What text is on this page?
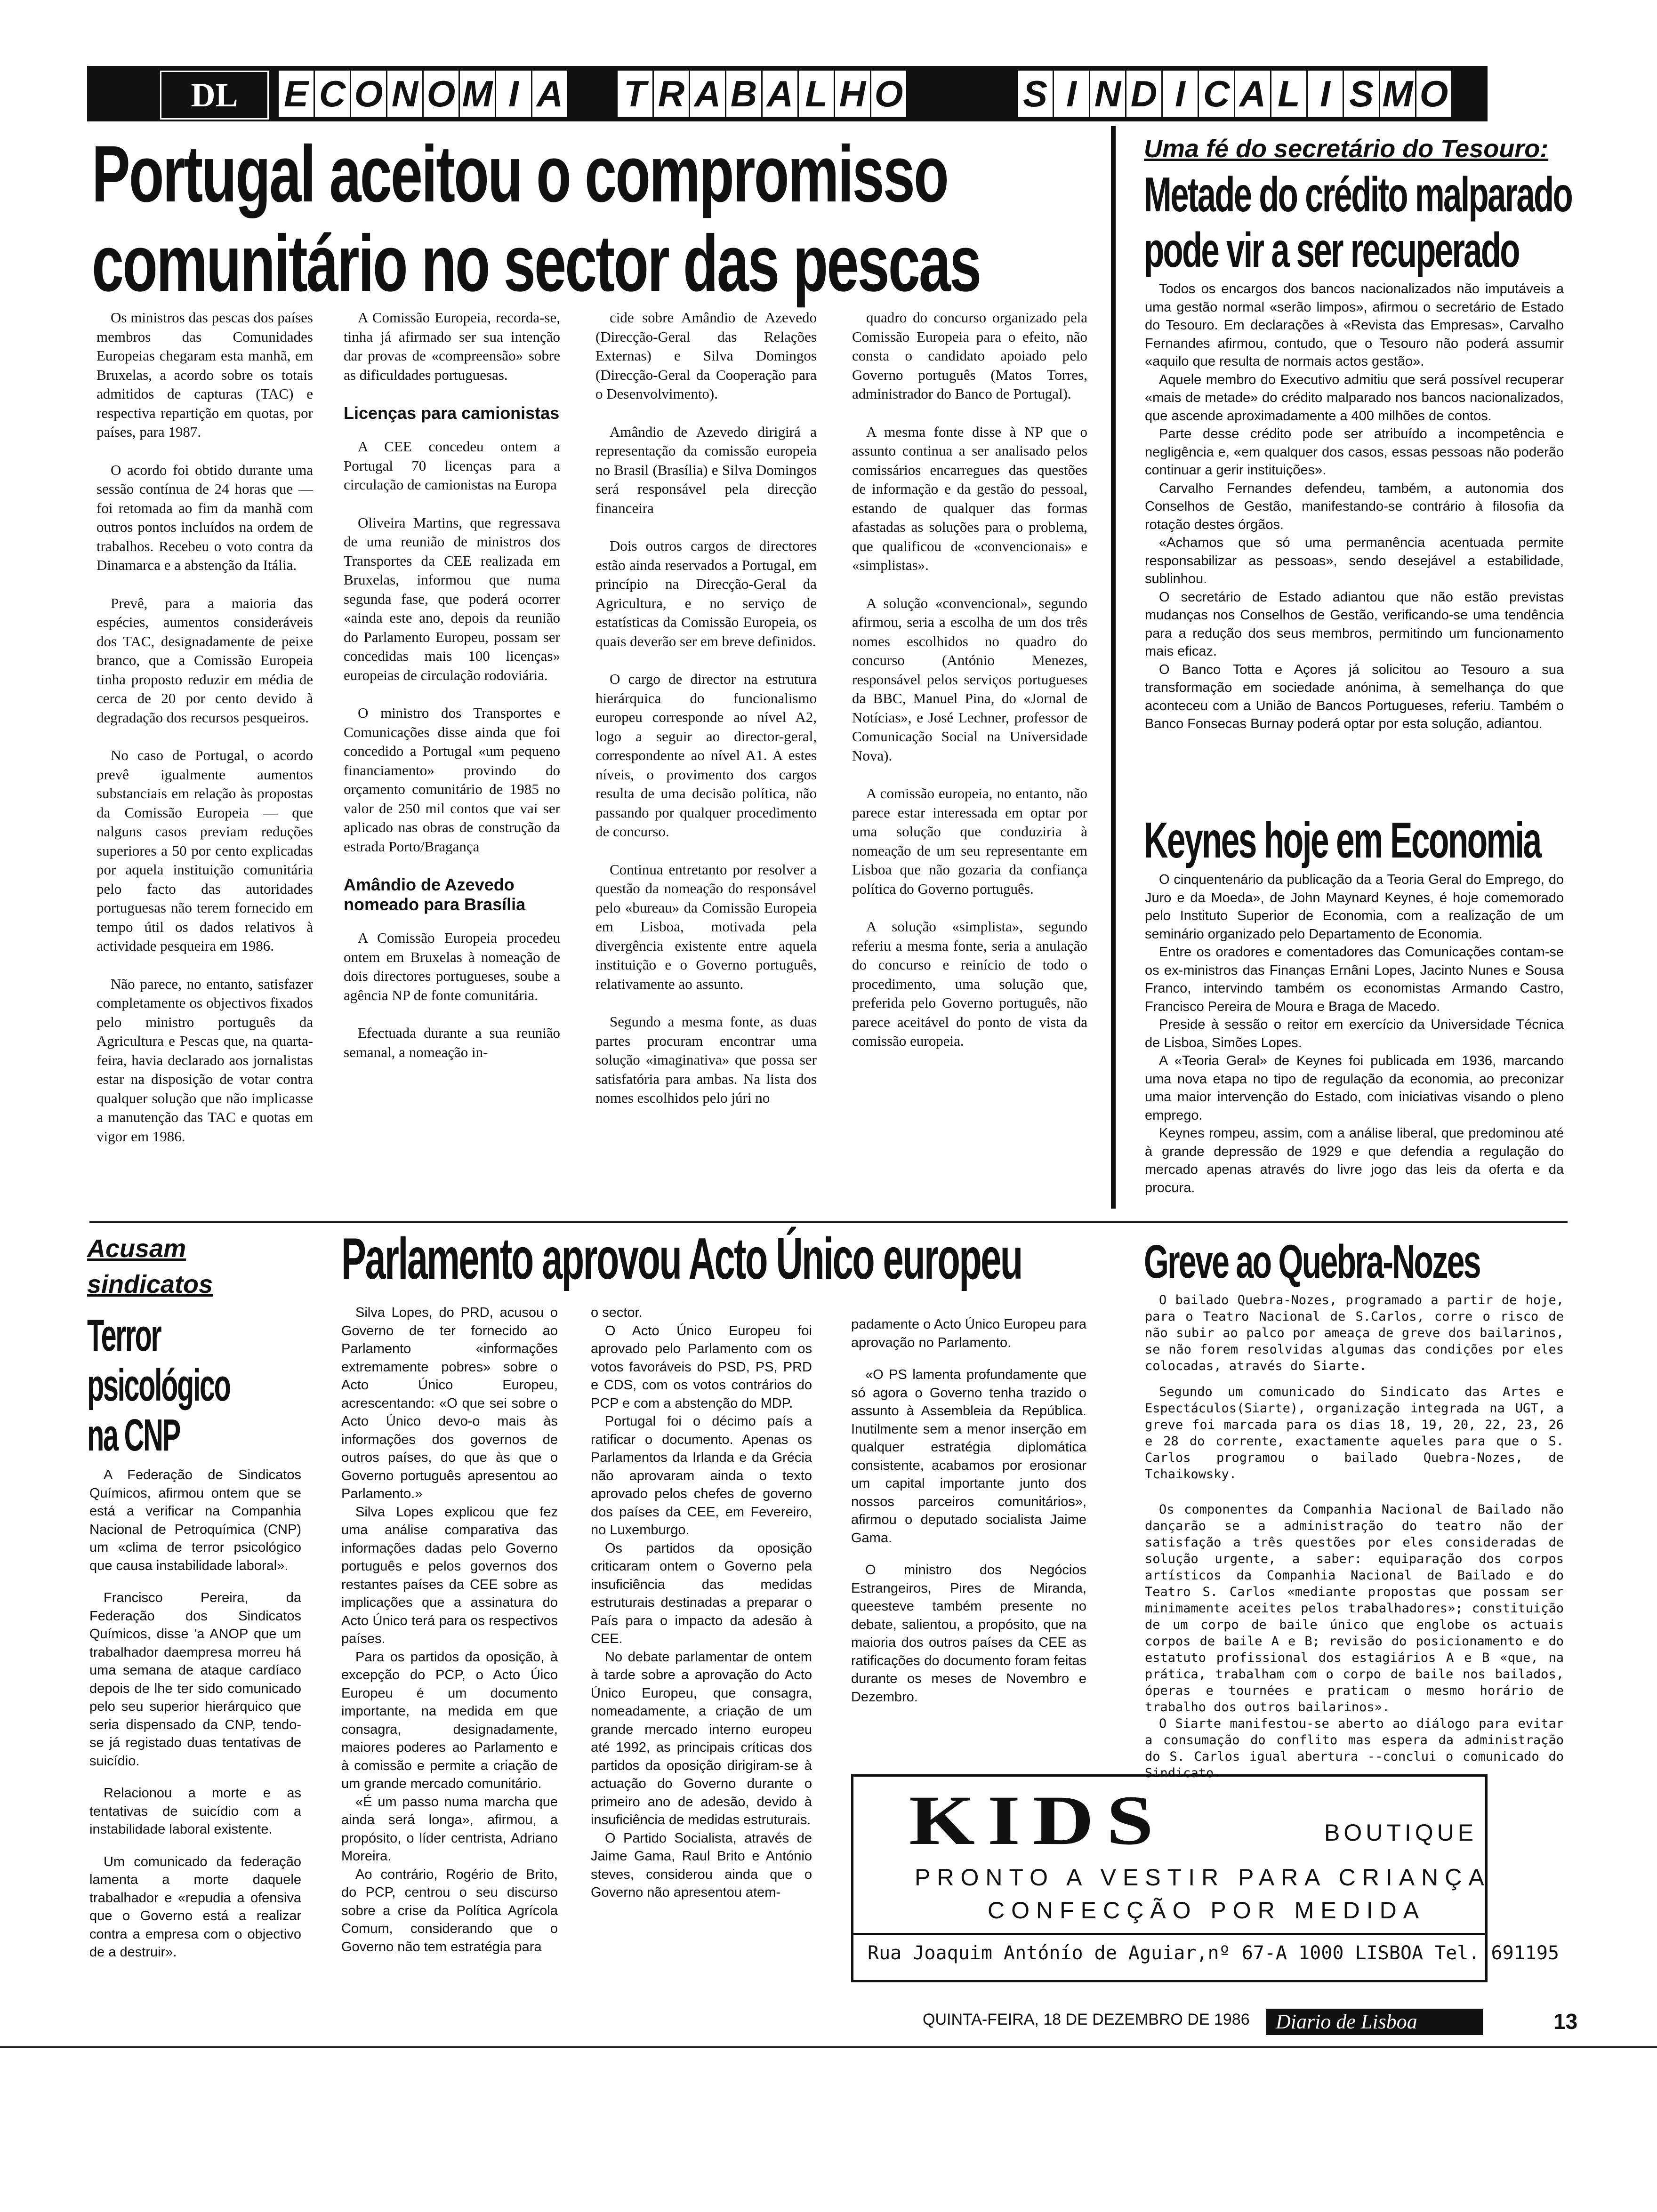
DL	E C O N O M I A T R A B A L H O	S I N D I C A L I S M O
Portugal aceitou o compromisso
comunitário no sector das pescas

Os ministros das pescas dos países membros das Comunidades Europeias chegaram esta manhã, em Bruxelas, a acordo sobre os totais admitidos de capturas (TAC) e respectiva repartição em quotas, por países, para 1987.

O acordo foi obtido durante uma sessão contínua de 24 horas que — foi retomada ao fim da manhã com outros pontos incluídos na ordem de trabalhos. Recebeu o voto contra da Dinamarca e a abstenção da Itália.

Prevê, para a maioria das espécies, aumentos consideráveis dos TAC, designadamente de peixe branco, que a Comissão Europeia tinha proposto reduzir em média de cerca de 20 por cento devido à degradação dos recursos pesqueiros.

No caso de Portugal, o acordo prevê igualmente aumentos substanciais em relação às propostas da Comissão Europeia — que nalguns casos previam reduções superiores a 50 por cento explicadas por aquela instituição comunitária pelo facto das autoridades portuguesas não terem fornecido em tempo útil os dados relativos à actividade pesqueira em 1986.

Não parece, no entanto, satisfazer completamente os objectivos fixados pelo ministro português da Agricultura e Pescas que, na quarta-feira, havia declarado aos jornalistas estar na disposição de votar contra qualquer solução que não implicasse a manutenção das TAC e quotas em vigor em 1986.

A Comissão Europeia, recorda-se, tinha já afirmado ser sua intenção dar provas de «compreensão» sobre as dificuldades portuguesas.

Licenças para camionistas

A CEE concedeu ontem a Portugal 70 licenças para a circulação de camionistas na Europa

Oliveira Martins, que regressava de uma reunião de ministros dos Transportes da CEE realizada em Bruxelas, informou que numa segunda fase, que poderá ocorrer «ainda este ano, depois da reunião do Parlamento Europeu, possam ser concedidas mais 100 licenças» europeias de circulação rodoviária.

O ministro dos Transportes e Comunicações disse ainda que foi concedido a Portugal «um pequeno financiamento» provindo do orçamento comunitário de 1985 no valor de 250 mil contos que vai ser aplicado nas obras de construção da estrada Porto/Bragança

Amândio de Azevedo nomeado para Brasília

A Comissão Europeia procedeu ontem em Bruxelas à nomeação de dois directores portugueses, soube a agência NP de fonte comunitária.

Efectuada durante a sua reunião semanal, a nomeação in-

cide sobre Amândio de Azevedo (Direcção-Geral das Relações Externas) e Silva Domingos (Direcção-Geral da Cooperação para o Desenvolvimento).

Amândio de Azevedo dirigirá a representação da comissão europeia no Brasil (Brasília) e Silva Domingos será responsável pela direcção financeira

Dois outros cargos de directores estão ainda reservados a Portugal, em princípio na Direcção-Geral da Agricultura, e no serviço de estatísticas da Comissão Europeia, os quais deverão ser em breve definidos.

O cargo de director na estrutura hierárquica do funcionalismo europeu corresponde ao nível A2, logo a seguir ao director-geral, correspondente ao nível A1. A estes níveis, o provimento dos cargos resulta de uma decisão política, não passando por qualquer procedimento de concurso.

Continua entretanto por resolver a questão da nomeação do responsável pelo «bureau» da Comissão Europeia em Lisboa, motivada pela divergência existente entre aquela instituição e o Governo português, relativamente ao assunto.

Segundo a mesma fonte, as duas partes procuram encontrar uma solução «imaginativa» que possa ser satisfatória para ambas. Na lista dos nomes escolhidos pelo júri no

quadro do concurso organizado pela Comissão Europeia para o efeito, não consta o candidato apoiado pelo Governo português (Matos Torres, administrador do Banco de Portugal).

A mesma fonte disse à NP que o assunto continua a ser analisado pelos comissários encarregues das questões de informação e da gestão do pessoal, estando de qualquer das formas afastadas as soluções para o problema, que qualificou de «convencionais» e «simplistas».

A solução «convencional», segundo afirmou, seria a escolha de um dos três nomes escolhidos no quadro do concurso (António Menezes, responsável pelos serviços portugueses da BBC, Manuel Pina, do «Jornal de Notícias», e José Lechner, professor de Comunicação Social na Universidade Nova).

A comissão europeia, no entanto, não parece estar interessada em optar por uma solução que conduziria à nomeação de um seu representante em Lisboa que não gozaria da confiança política do Governo português.

A solução «simplista», segundo referiu a mesma fonte, seria a anulação do concurso e reinício de todo o procedimento, uma solução que, preferida pelo Governo português, não parece aceitável do ponto de vista da comissão europeia.

Uma fé do secretário do Tesouro:
Metade do crédito malparado
pode vir a ser recuperado

Todos os encargos dos bancos nacionalizados não imputáveis a uma gestão normal «serão limpos», afirmou o secretário de Estado do Tesouro. Em declarações à «Revista das Empresas», Carvalho Fernandes afirmou, contudo, que o Tesouro não poderá assumir «aquilo que resulta de normais actos gestão».

Aquele membro do Executivo admitiu que será possível recuperar «mais de metade» do crédito malparado nos bancos nacionalizados, que ascende aproximadamente a 400 milhões de contos.

Parte desse crédito pode ser atribuído a incompetência e negligência e, «em qualquer dos casos, essas pessoas não poderão continuar a gerir instituições».

Carvalho Fernandes defendeu, também, a autonomia dos Conselhos de Gestão, manifestando-se contrário à filosofia da rotação destes órgãos.

«Achamos que só uma permanência acentuada permite responsabilizar as pessoas», sendo desejável a estabilidade, sublinhou.

O secretário de Estado adiantou que não estão previstas mudanças nos Conselhos de Gestão, verificando-se uma tendência para a redução dos seus membros, permitindo um funcionamento mais eficaz.

O Banco Totta e Açores já solicitou ao Tesouro a sua transformação em sociedade anónima, à semelhança do que aconteceu com a União de Bancos Portugueses, referiu. Também o Banco Fonsecas Burnay poderá optar por esta solução, adiantou.

Keynes hoje em Economia

O cinquentenário da publicação da a Teoria Geral do Emprego, do Juro e da Moeda», de John Maynard Keynes, é hoje comemorado pelo Instituto Superior de Economia, com a realização de um seminário organizado pelo Departamento de Economia.

Entre os oradores e comentadores das Comunicações contam-se os ex-ministros das Finanças Ernâni Lopes, Jacinto Nunes e Sousa Franco, intervindo também os economistas Armando Castro, Francisco Pereira de Moura e Braga de Macedo.

Preside à sessão o reitor em exercício da Universidade Técnica de Lisboa, Simões Lopes.

A «Teoria Geral» de Keynes foi publicada em 1936, marcando uma nova etapa no tipo de regulação da economia, ao preconizar uma maior intervenção do Estado, com iniciativas visando o pleno emprego.

Keynes rompeu, assim, com a análise liberal, que predominou até à grande depressão de 1929 e que defendia a regulação do mercado apenas através do livre jogo das leis da oferta e da procura.

Acusam
sindicatos
Terror
psicológico
na CNP

A Federação de Sindicatos Químicos, afirmou ontem que se está a verificar na Companhia Nacional de Petroquímica (CNP) um «clima de terror psicológico que causa instabilidade laboral».

Francisco Pereira, da Federação dos Sindicatos Químicos, disse 'a ANOP que um trabalhador daempresa morreu há uma semana de ataque cardíaco depois de lhe ter sido comunicado pelo seu superior hierárquico que seria dispensado da CNP, tendo-se já registado duas tentativas de suicídio.

Relacionou a morte e as tentativas de suicídio com a instabilidade laboral existente.

Um comunicado da federação lamenta a morte daquele trabalhador e «repudia a ofensiva que o Governo está a realizar contra a empresa com o objectivo de a destruir».

Parlamento aprovou Acto Único europeu

Silva Lopes, do PRD, acusou o Governo de ter fornecido ao Parlamento «informações extremamente pobres» sobre o Acto Único Europeu, acrescentando: «O que sei sobre o Acto Único devo-o mais às informações dos governos de outros países, do que às que o Governo português apresentou ao Parlamento.»

Silva Lopes explicou que fez uma análise comparativa das informações dadas pelo Governo português e pelos governos dos restantes países da CEE sobre as implicações que a assinatura do Acto Único terá para os respectivos países.

Para os partidos da oposição, à excepção do PCP, o Acto Úico Europeu é um documento importante, na medida em que consagra, designadamente, maiores poderes ao Parlamento e à comissão e permite a criação de um grande mercado comunitário.

«É um passo numa marcha que ainda será longa», afirmou, a propósito, o líder centrista, Adriano Moreira.

Ao contrário, Rogério de Brito, do PCP, centrou o seu discurso sobre a crise da Política Agrícola Comum, considerando que o Governo não tem estratégia para

o sector.

O Acto Único Europeu foi aprovado pelo Parlamento com os votos favoráveis do PSD, PS, PRD e CDS, com os votos contrários do PCP e com a abstenção do MDP.

Portugal foi o décimo país a ratificar o documento. Apenas os Parlamentos da Irlanda e da Grécia não aprovaram ainda o texto aprovado pelos chefes de governo dos países da CEE, em Fevereiro, no Luxemburgo.

Os partidos da oposição criticaram ontem o Governo pela insuficiência das medidas estruturais destinadas a preparar o País para o impacto da adesão à CEE.

No debate parlamentar de ontem à tarde sobre a aprovação do Acto Único Europeu, que consagra, nomeadamente, a criação de um grande mercado interno europeu até 1992, as principais críticas dos partidos da oposição dirigiram-se à actuação do Governo durante o primeiro ano de adesão, devido à insuficiência de medidas estruturais.

O Partido Socialista, através de Jaime Gama, Raul Brito e António steves, considerou ainda que o Governo não apresentou atem-

padamente o Acto Único Europeu para aprovação no Parlamento.

«O PS lamenta profundamente que só agora o Governo tenha trazido o assunto à Assembleia da República. Inutilmente sem a menor inserção em qualquer estratégia diplomática consistente, acabamos por erosionar um capital importante junto dos nossos parceiros comunitários», afirmou o deputado socialista Jaime Gama.

O ministro dos Negócios Estrangeiros, Pires de Miranda, queesteve também presente no debate, salientou, a propósito, que na maioria dos outros países da CEE as ratificações do documento foram feitas durante os meses de Novembro e Dezembro.

Greve ao Quebra-Nozes

O bailado Quebra-Nozes, programado a partir de hoje, para o Teatro Nacional de S.Carlos, corre o risco de não subir ao palco por ameaça de greve dos bailarinos, se não forem resolvidas algumas das condições por eles colocadas, através do Siarte.

Segundo um comunicado do Sindicato das Artes e Espectáculos(Siarte), organização integrada na UGT, a greve foi marcada para os dias 18, 19, 20, 22, 23, 26 e 28 do corrente, exactamente aqueles para que o S. Carlos programou o bailado Quebra-Nozes, de Tchaikowsky.

Os componentes da Companhia Nacional de Bailado não dançarão se a administração do teatro não der satisfação a três questões por eles consideradas de solução urgente, a saber: equiparação dos corpos artísticos da Companhia Nacional de Bailado e do Teatro S. Carlos «mediante propostas que possam ser minimamente aceites pelos trabalhadores»; constituição de um corpo de baile único que englobe os actuais corpos de baile A e B; revisão do posicionamento e do estatuto profissional dos estagiários A e B «que, na prática, trabalham com o corpo de baile nos bailados, óperas e tournées e praticam o mesmo horário de trabalho dos outros bailarinos».

O Siarte manifestou-se aberto ao diálogo para evitar a consumação do conflito mas espera da administração do S. Carlos igual abertura --conclui o comunicado do Sindicato.

KIDS	BOUTIQUE
PRONTO A VESTIR PARA CRIANÇA
CONFECÇÃO POR MEDIDA
Rua Joaquim Antónío de Aguiar,nº 67-A 1000 LISBOA Tel. 691195
QUINTA-FEIRA, 18 DE DEZEMBRO DE 1986 Diario de Lisboa	13
